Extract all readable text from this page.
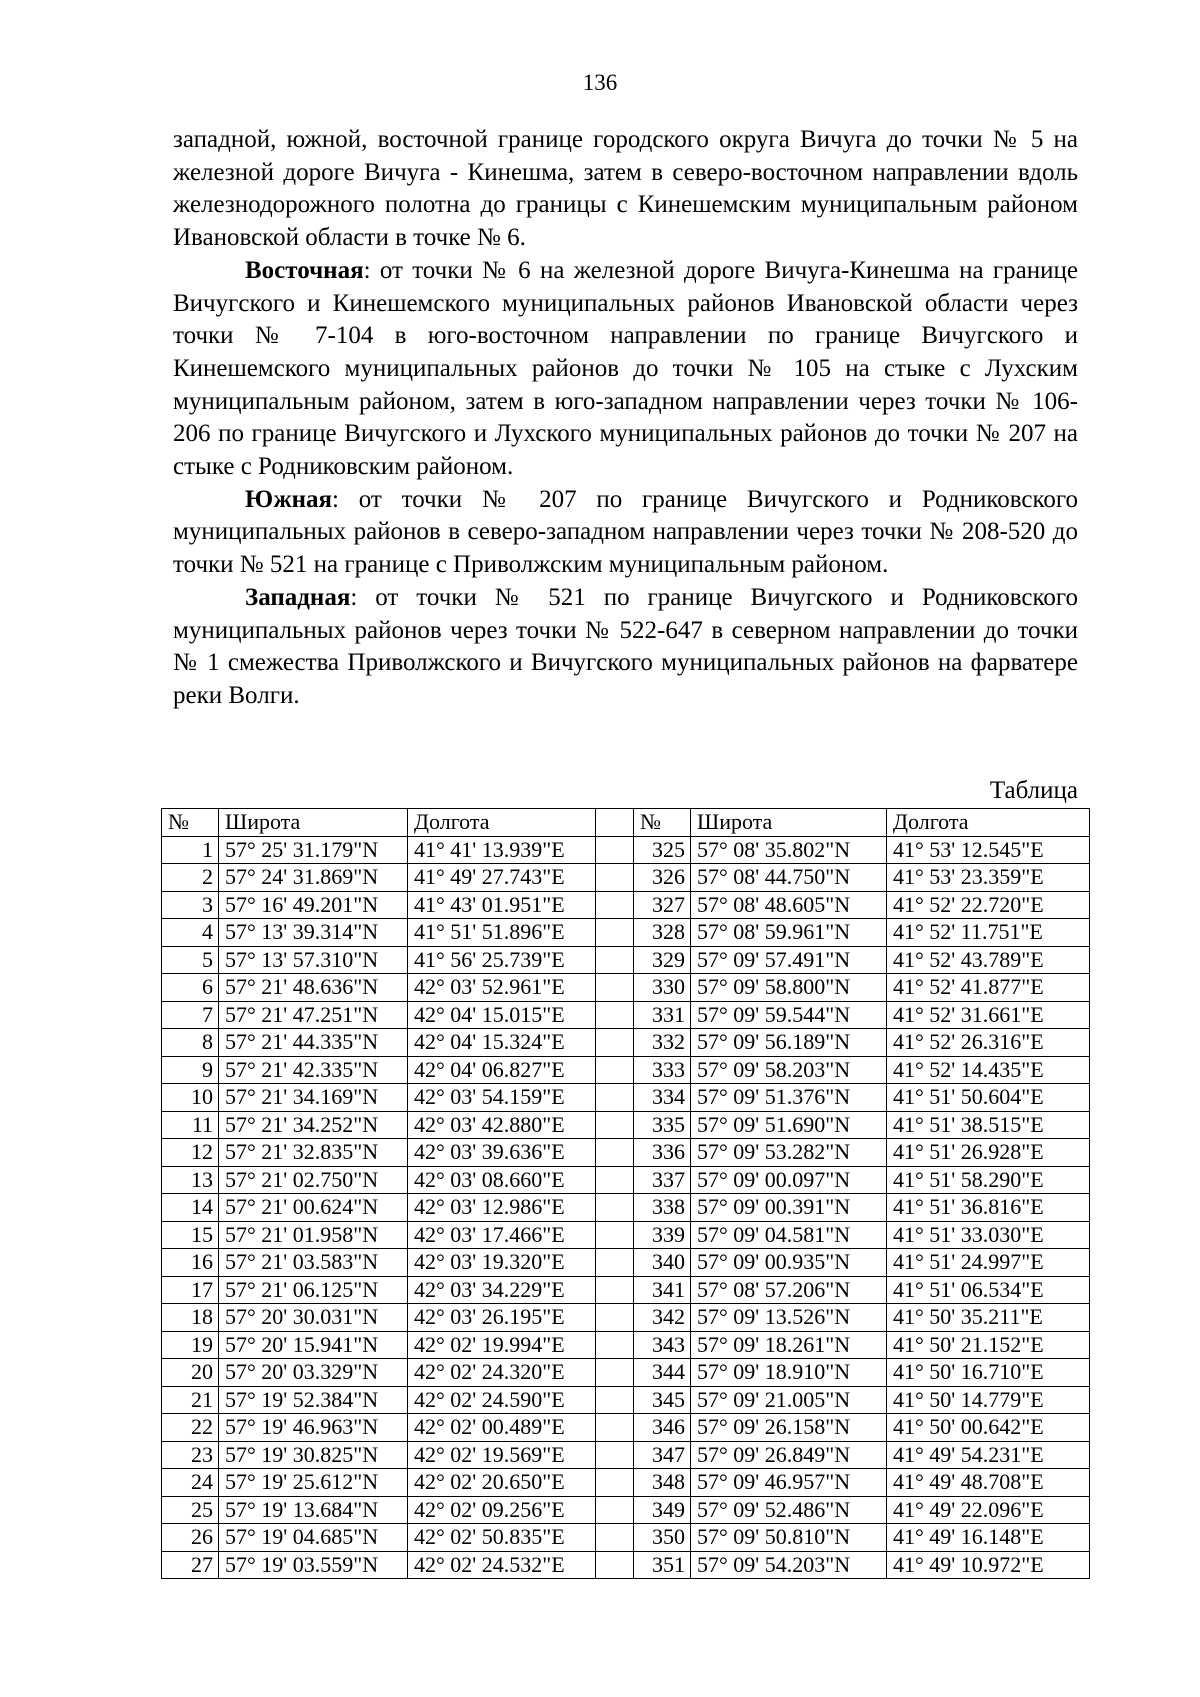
136

западной, южной, восточной границе городского округа Вичуга до точки № 5 на железной дороге Вичуга - Кинешма, затем в северо-восточном направлении вдоль железнодорожного полотна до границы с Кинешемским муниципальным районом Ивановской области в точке № 6.

Восточная: от точки № 6 на железной дороге Вичуга-Кинешма на границе Вичугского и Кинешемского муниципальных районов Ивановской области через точки № 7-104 в юго-восточном направлении по границе Вичугского и Кинешемского муниципальных районов до точки № 105 на стыке с Лухским муниципальным районом, затем в юго-западном направлении через точки № 106-206 по границе Вичугского и Лухского муниципальных районов до точки № 207 на стыке с Родниковским районом.

Южная: от точки № 207 по границе Вичугского и Родниковского муниципальных районов в северо-западном направлении через точки № 208-520 до точки № 521 на границе с Приволжским муниципальным районом.

Западная: от точки № 521 по границе Вичугского и Родниковского муниципальных районов через точки № 522-647 в северном направлении до точки № 1 смежества Приволжского и Вичугского муниципальных районов на фарватере реки Волги.

Таблица
№	Широта	Долгота		№	Широта	Долгота
1	57° 25' 31.179"N	41° 41' 13.939"E		325	57° 08' 35.802"N	41° 53' 12.545"E
2	57° 24' 31.869"N	41° 49' 27.743"E		326	57° 08' 44.750"N	41° 53' 23.359"E
3	57° 16' 49.201"N	41° 43' 01.951"E		327	57° 08' 48.605"N	41° 52' 22.720"E
4	57° 13' 39.314"N	41° 51' 51.896"E		328	57° 08' 59.961"N	41° 52' 11.751"E
5	57° 13' 57.310"N	41° 56' 25.739"E		329	57° 09' 57.491"N	41° 52' 43.789"E
6	57° 21' 48.636"N	42° 03' 52.961"E		330	57° 09' 58.800"N	41° 52' 41.877"E
7	57° 21' 47.251"N	42° 04' 15.015"E		331	57° 09' 59.544"N	41° 52' 31.661"E
8	57° 21' 44.335"N	42° 04' 15.324"E		332	57° 09' 56.189"N	41° 52' 26.316"E
9	57° 21' 42.335"N	42° 04' 06.827"E		333	57° 09' 58.203"N	41° 52' 14.435"E
10	57° 21' 34.169"N	42° 03' 54.159"E		334	57° 09' 51.376"N	41° 51' 50.604"E
11	57° 21' 34.252"N	42° 03' 42.880"E		335	57° 09' 51.690"N	41° 51' 38.515"E
12	57° 21' 32.835"N	42° 03' 39.636"E		336	57° 09' 53.282"N	41° 51' 26.928"E
13	57° 21' 02.750"N	42° 03' 08.660"E		337	57° 09' 00.097"N	41° 51' 58.290"E
14	57° 21' 00.624"N	42° 03' 12.986"E		338	57° 09' 00.391"N	41° 51' 36.816"E
15	57° 21' 01.958"N	42° 03' 17.466"E		339	57° 09' 04.581"N	41° 51' 33.030"E
16	57° 21' 03.583"N	42° 03' 19.320"E		340	57° 09' 00.935"N	41° 51' 24.997"E
17	57° 21' 06.125"N	42° 03' 34.229"E		341	57° 08' 57.206"N	41° 51' 06.534"E
18	57° 20' 30.031"N	42° 03' 26.195"E		342	57° 09' 13.526"N	41° 50' 35.211"E
19	57° 20' 15.941"N	42° 02' 19.994"E		343	57° 09' 18.261"N	41° 50' 21.152"E
20	57° 20' 03.329"N	42° 02' 24.320"E		344	57° 09' 18.910"N	41° 50' 16.710"E
21	57° 19' 52.384"N	42° 02' 24.590"E		345	57° 09' 21.005"N	41° 50' 14.779"E
22	57° 19' 46.963"N	42° 02' 00.489"E		346	57° 09' 26.158"N	41° 50' 00.642"E
23	57° 19' 30.825"N	42° 02' 19.569"E		347	57° 09' 26.849"N	41° 49' 54.231"E
24	57° 19' 25.612"N	42° 02' 20.650"E		348	57° 09' 46.957"N	41° 49' 48.708"E
25	57° 19' 13.684"N	42° 02' 09.256"E		349	57° 09' 52.486"N	41° 49' 22.096"E
26	57° 19' 04.685"N	42° 02' 50.835"E		350	57° 09' 50.810"N	41° 49' 16.148"E
27	57° 19' 03.559"N	42° 02' 24.532"E		351	57° 09' 54.203"N	41° 49' 10.972"E
